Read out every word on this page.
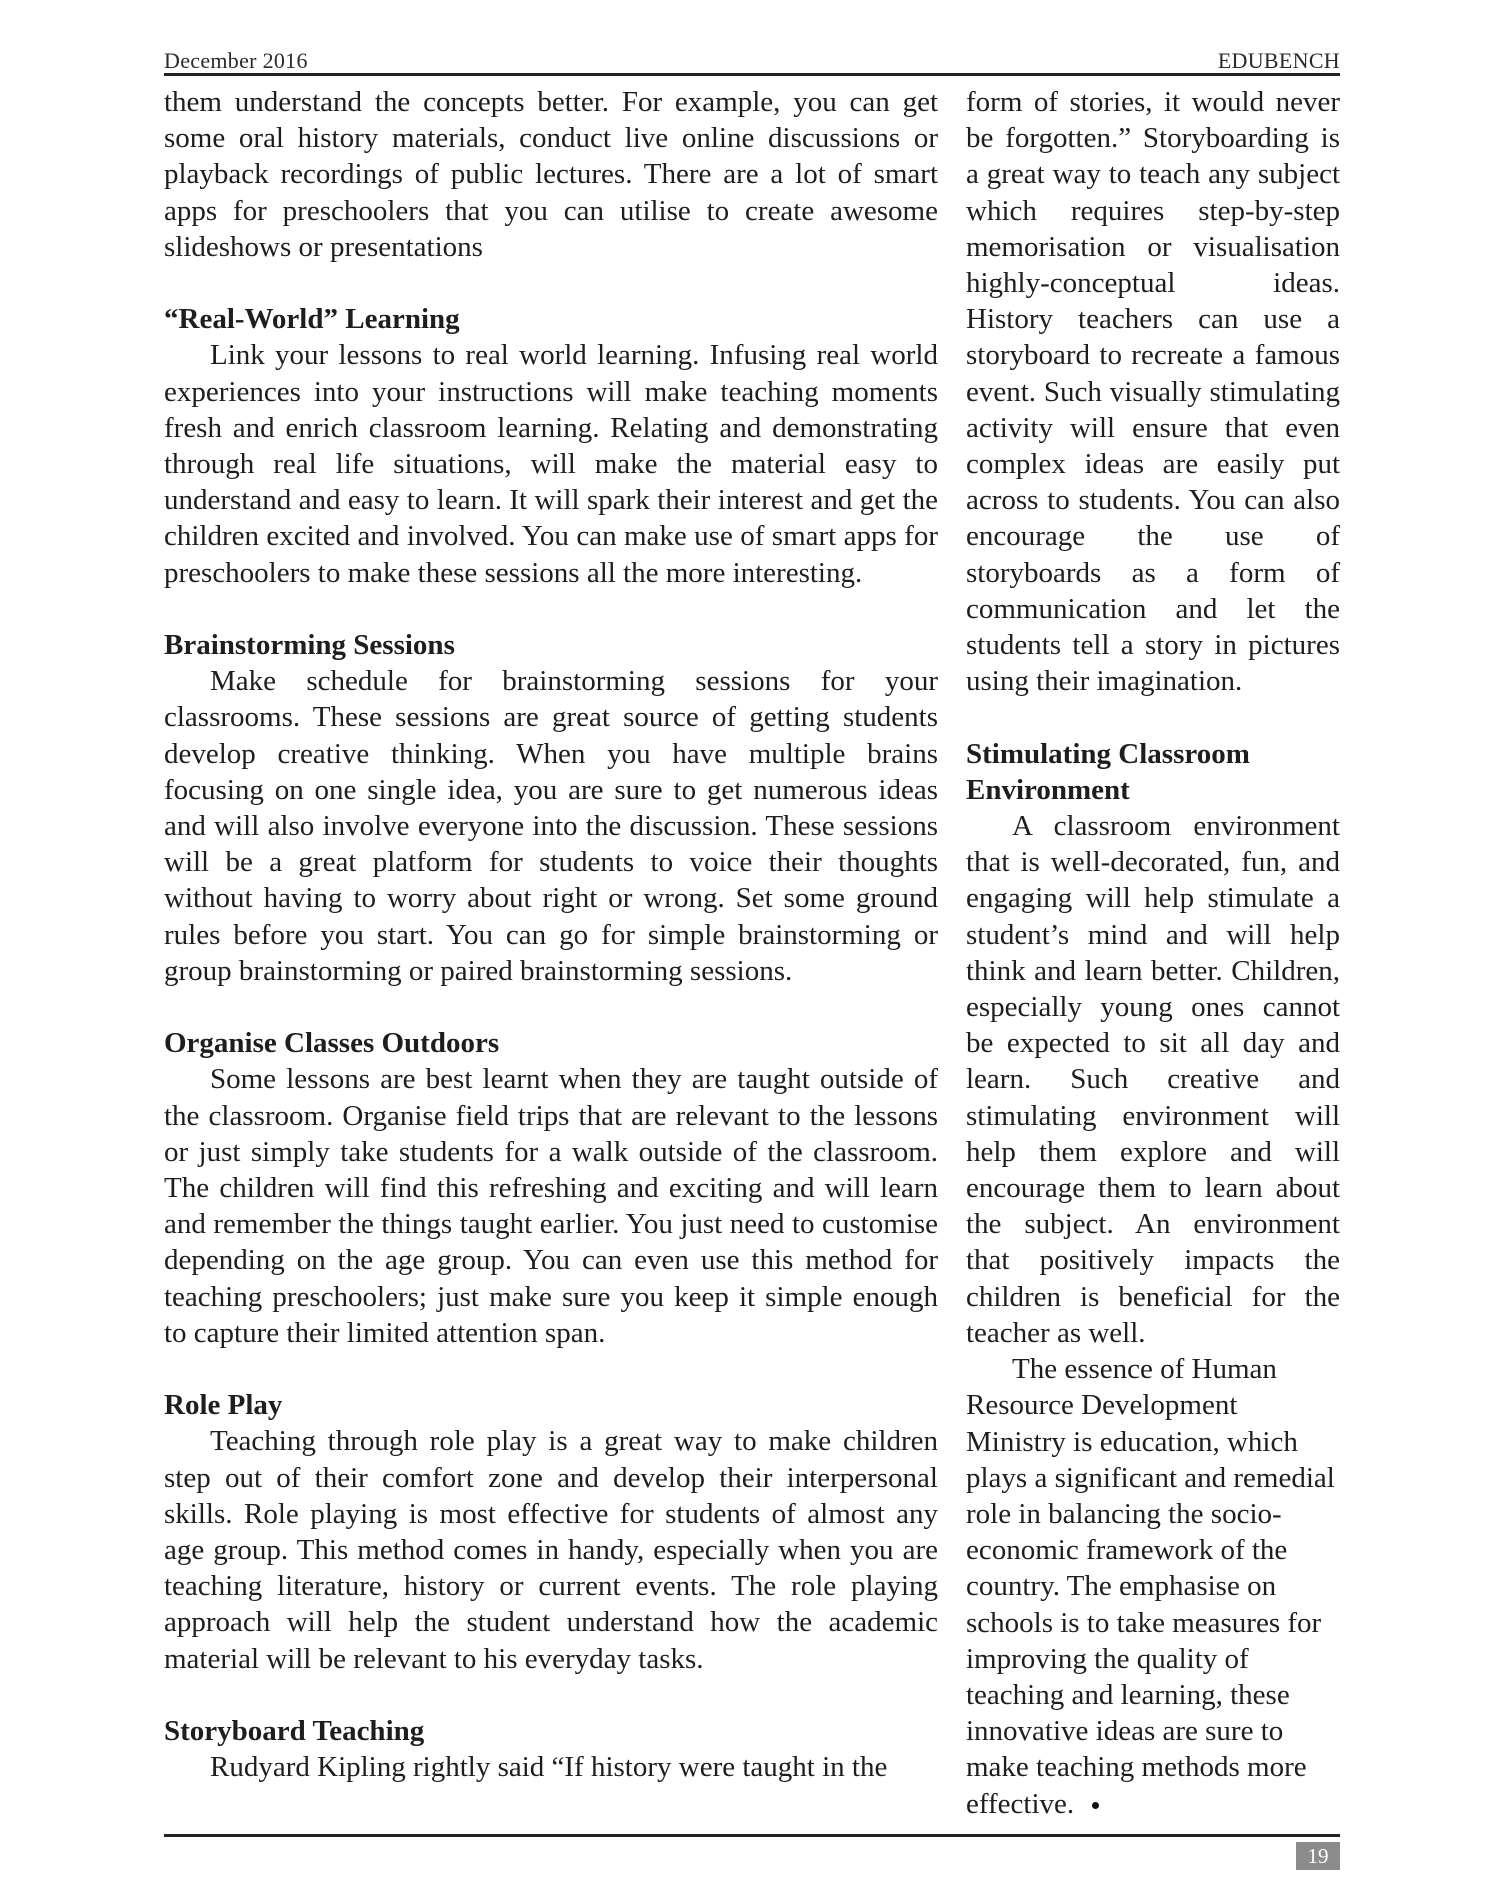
December 2016	EDUBENCH

them understand the concepts better. For example, you can get some oral history materials, conduct live online discussions or playback recordings of public lectures. There are a lot of smart apps for preschoolers that you can utilise to create awesome slideshows or presentations

“Real-World” Learning

Link your lessons to real world learning. Infusing real world experiences into your instructions will make teaching moments fresh and enrich classroom learning. Relating and demonstrating through real life situations, will make the material easy to understand and easy to learn. It will spark their interest and get the children excited and involved. You can make use of smart apps for preschoolers to make these sessions all the more interesting.

Brainstorming Sessions

Make schedule for brainstorming sessions for your classrooms. These sessions are great source of getting students develop creative thinking. When you have multiple brains focusing on one single idea, you are sure to get numerous ideas and will also involve everyone into the discussion. These sessions will be a great platform for students to voice their thoughts without having to worry about right or wrong. Set some ground rules before you start. You can go for simple brainstorming or group brainstorming or paired brainstorming sessions.

Organise Classes Outdoors

Some lessons are best learnt when they are taught outside of the classroom. Organise field trips that are relevant to the lessons or just simply take students for a walk outside of the classroom. The children will find this refreshing and exciting and will learn and remember the things taught earlier. You just need to customise depending on the age group. You can even use this method for teaching preschoolers; just make sure you keep it simple enough to capture their limited attention span.

Role Play

Teaching through role play is a great way to make children step out of their comfort zone and develop their interpersonal skills. Role playing is most effective for students of almost any age group. This method comes in handy, especially when you are teaching literature, history or current events. The role playing approach will help the student understand how the academic material will be relevant to his everyday tasks.

Storyboard Teaching

Rudyard Kipling rightly said “If history were taught in the

form of stories, it would never be forgotten.” Storyboarding is a great way to teach any subject which requires step-by-step memorisation or visualisation highly-conceptual ideas. History teachers can use a storyboard to recreate a famous event. Such visually stimulating activity will ensure that even complex ideas are easily put across to students. You can also encourage the use of storyboards as a form of communication and let the students tell a story in pictures using their imagination.

Stimulating Classroom Environment

A classroom environment that is well-decorated, fun, and engaging will help stimulate a student’s mind and will help think and learn better. Children, especially young ones cannot be expected to sit all day and learn. Such creative and stimulating environment will help them explore and will encourage them to learn about the subject. An environment that positively impacts the children is beneficial for the teacher as well.

The essence of Human Resource Development Ministry is education, which plays a significant and remedial role in balancing the socio-economic framework of the country. The emphasise on schools is to take measures for improving the quality of teaching and learning, these innovative ideas are sure to make teaching methods more effective.

19
